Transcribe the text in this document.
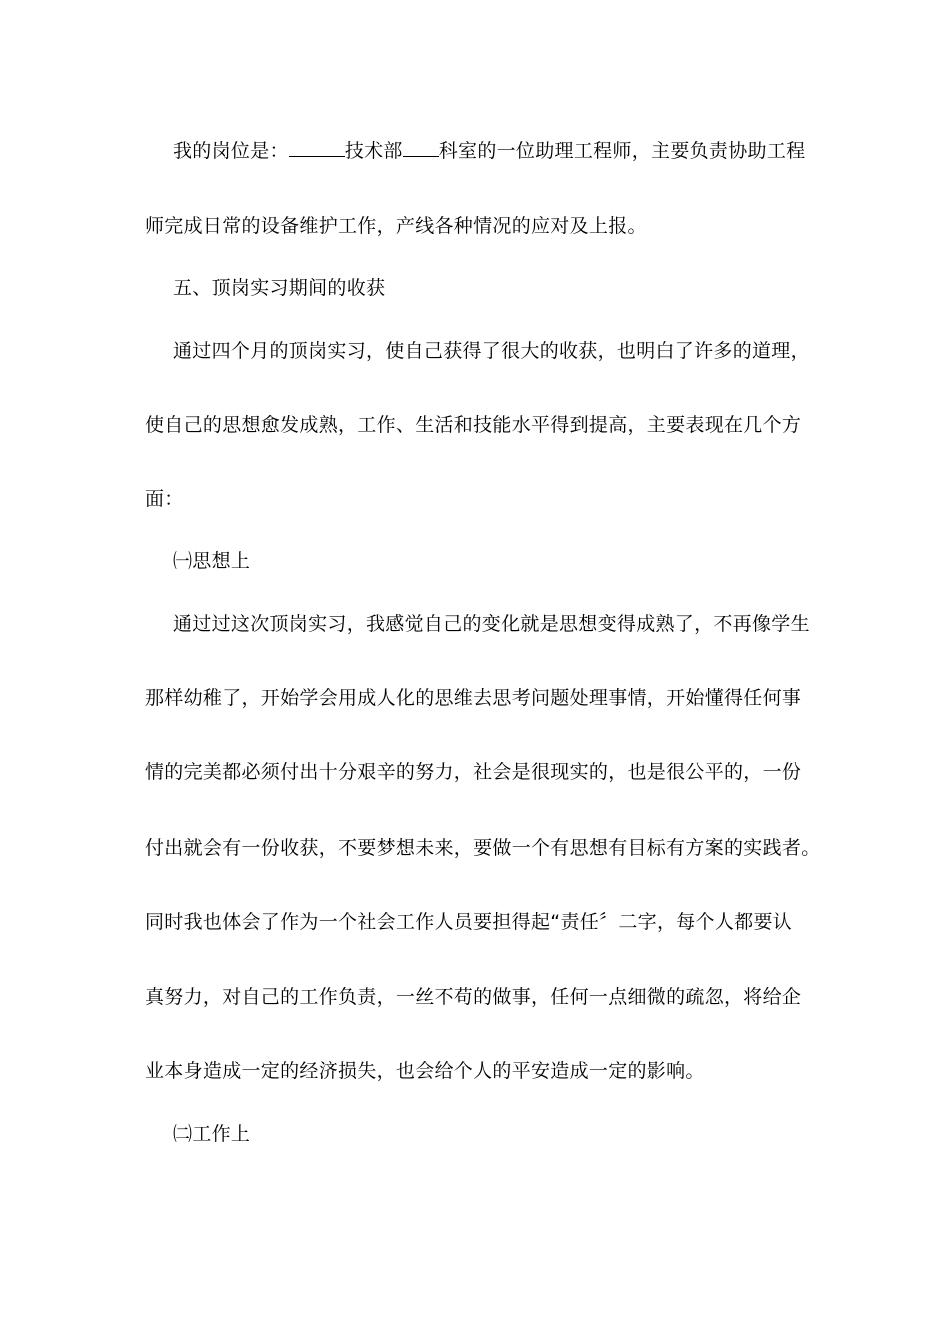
我的岗位是：	技术部 科室的一位助理工程师，主要负责协助工程
师完成日常的设备维护工作，产线各种情况的应对及上报。
五、顶岗实习期间的收获
通过四个月的顶岗实习，使自己获得了很大的收获，也明白了许多的道理，
使自己的思想愈发成熟，工作、生活和技能水平得到提高，主要表现在几个方
面：
㈠思想上
通过过这次顶岗实习，我感觉自己的变化就是思想变得成熟了，不再像学生
那样幼稚了，开始学会用成人化的思维去思考问题处理事情，开始懂得任何事
情的完美都必须付出十分艰辛的努力，社会是很现实的，也是很公平的，一份
付出就会有一份收获，不要梦想未来，要做一个有思想有目标有方案的实践者。
同时我也体会了作为一个社会工作人员要担得起“责任〞二字，每个人都要认
真努力，对自己的工作负责，一丝不苟的做事，任何一点细微的疏忽，将给企
业本身造成一定的经济损失，也会给个人的平安造成一定的影响。
㈡工作上
